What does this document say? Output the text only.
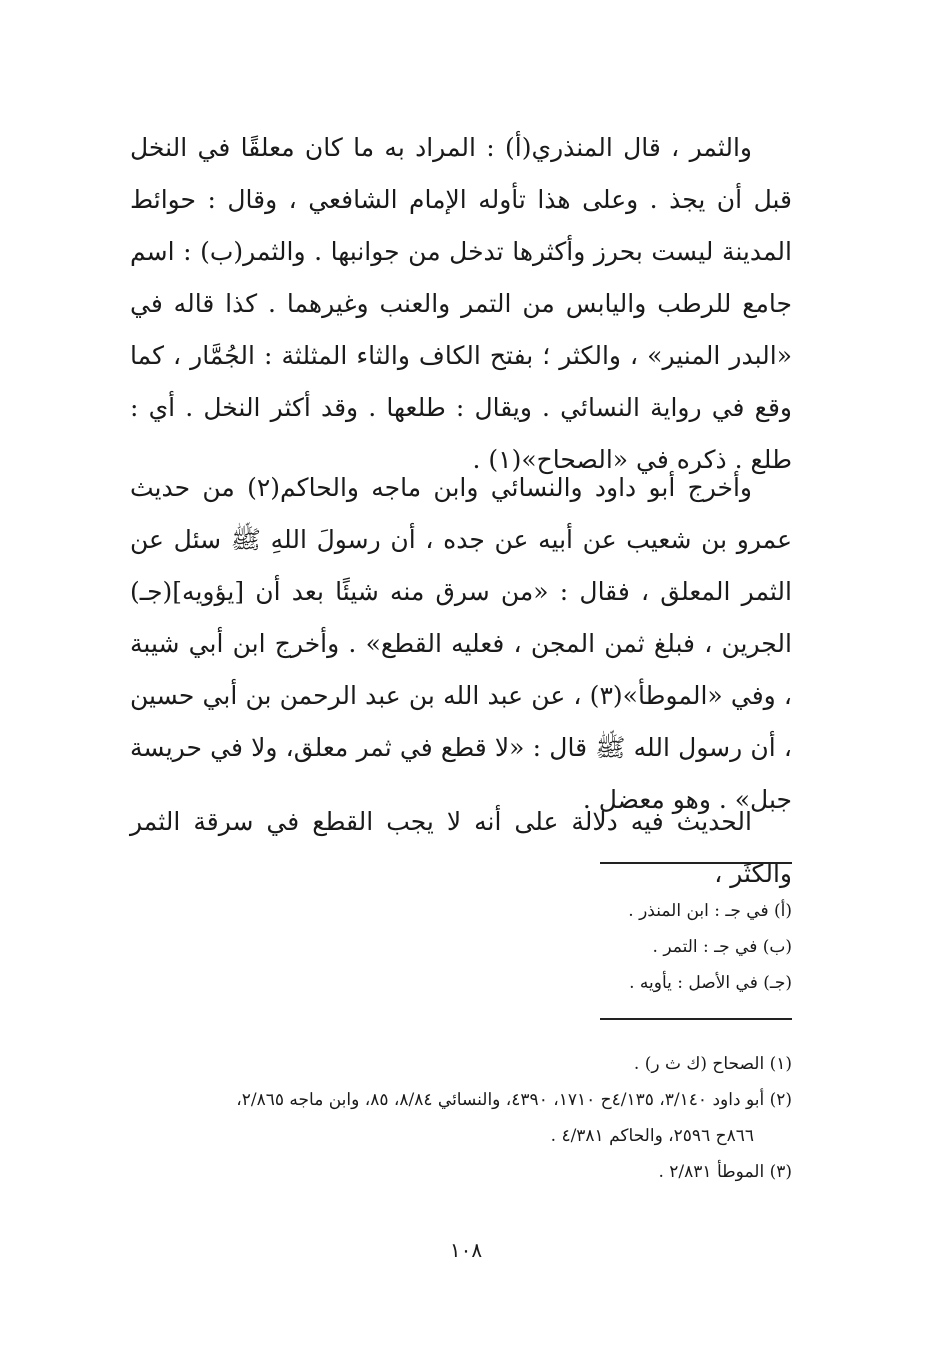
والثمر ، قال المنذري(أ) : المراد به ما كان معلقًا في النخل قبل أن يجذ . وعلى هذا تأوله الإمام الشافعي ، وقال : حوائط المدينة ليست بحرز وأكثرها تدخل من جوانبها . والثمر(ب) : اسم جامع للرطب واليابس من التمر والعنب وغيرهما . كذا قاله في «البدر المنير» ، والكثر ؛ بفتح الكاف والثاء المثلثة : الجُمَّار ، كما وقع في رواية النسائي . ويقال : طلعها . وقد أكثر النخل . أي : طلع . ذكره في «الصحاح»(١) .

وأخرج أبو داود والنسائي وابن ماجه والحاكم(٢) من حديث عمرو بن شعيب عن أبيه عن جده ، أن رسولَ اللهِ ﷺ سئل عن الثمر المعلق ، فقال : «من سرق منه شيئًا بعد أن [يؤويه](جـ) الجرين ، فبلغ ثمن المجن ، فعليه القطع» . وأخرج ابن أبي شيبة ، وفي «الموطأ»(٣) ، عن عبد الله بن عبد الرحمن بن أبي حسين ، أن رسول الله ﷺ قال : «لا قطع في ثمر معلق، ولا في حريسة جبل» . وهو معضل .

الحديث فيه دلالة على أنه لا يجب القطع في سرقة الثمر والكثَر ،

(أ) في جـ : ابن المنذر .
(ب) في جـ : التمر .
(جـ) في الأصل : يأويه .
(١) الصحاح (ك ث ر) .
(٢) أبو داود ٣/١٤٠، ٤/١٣٥ح ١٧١٠، ٤٣٩٠، والنسائي ٨/٨٤، ٨٥، وابن ماجه ٢/٨٦٥،
٨٦٦ح ٢٥٩٦، والحاكم ٤/٣٨١ .
(٣) الموطأ ٢/٨٣١ .
١٠٨
